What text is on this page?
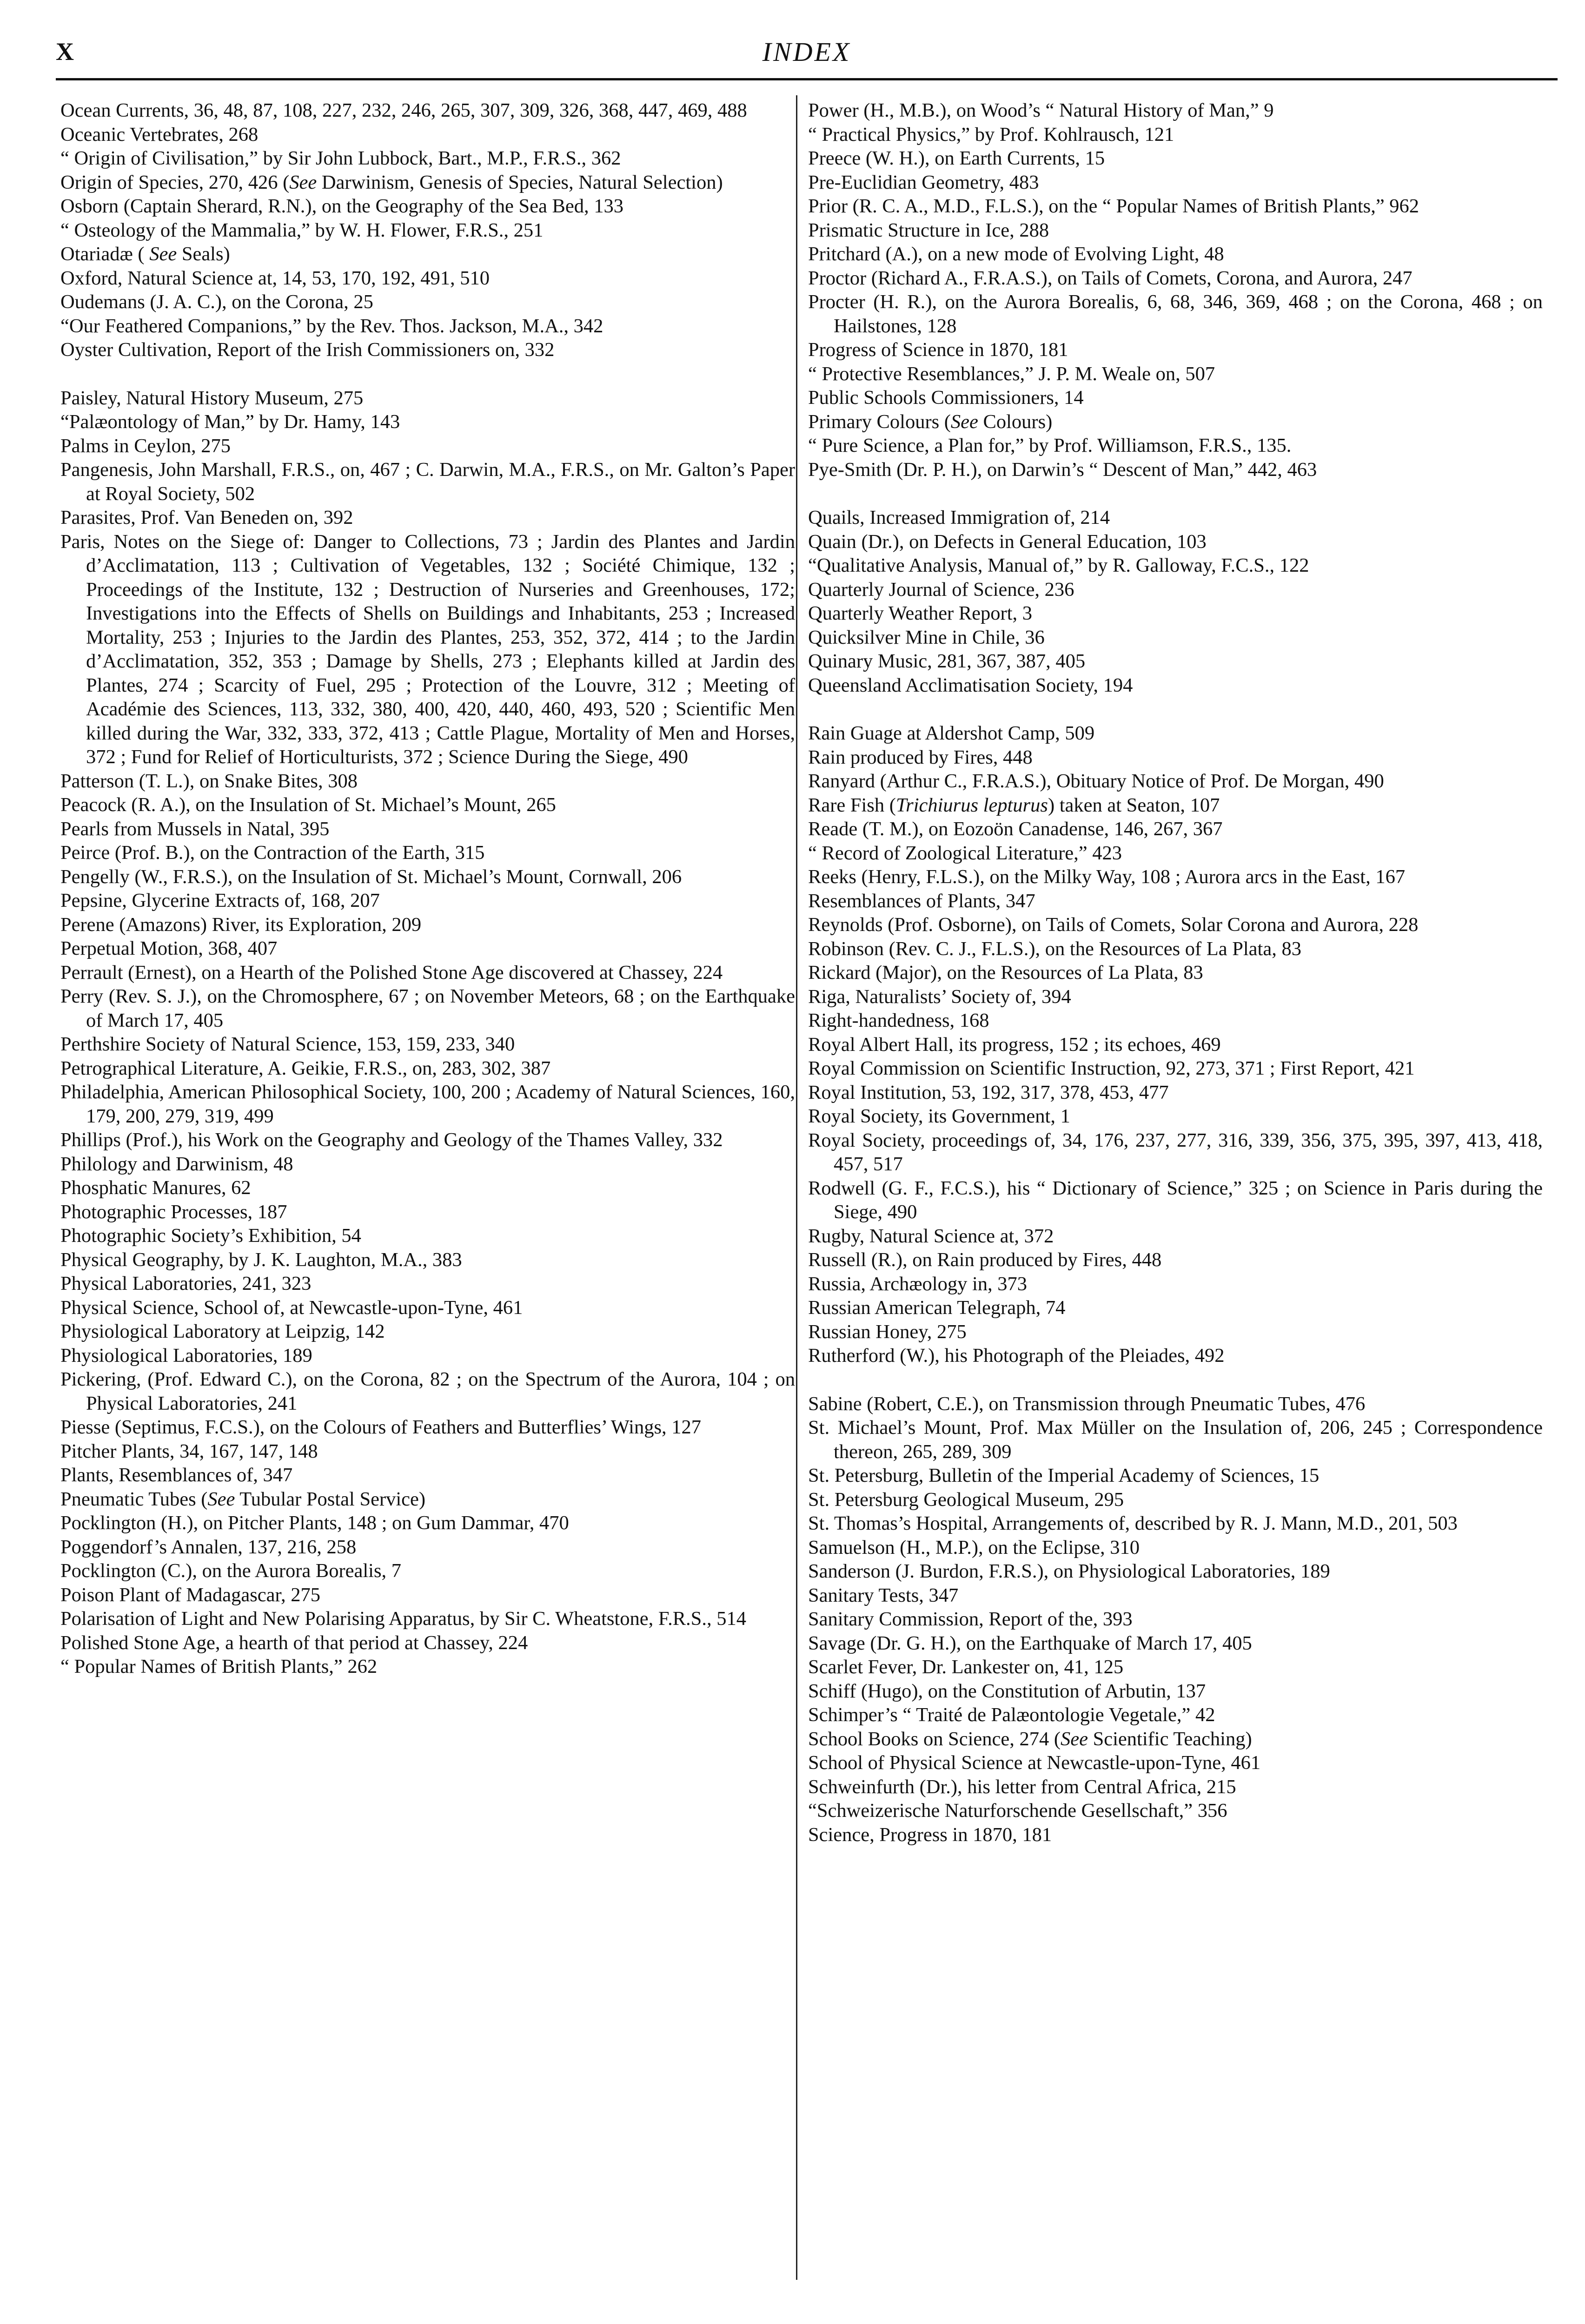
X	INDEX

Ocean Currents, 36, 48, 87, 108, 227, 232, 246, 265, 307, 309, 326, 368, 447, 469, 488

Oceanic Vertebrates, 268

“ Origin of Civilisation,” by Sir John Lubbock, Bart., M.P., F.R.S., 362

Origin of Species, 270, 426 (See Darwinism, Genesis of Species, Natural Selection)

Osborn (Captain Sherard, R.N.), on the Geography of the Sea Bed, 133

“ Osteology of the Mammalia,” by W. H. Flower, F.R.S., 251

Otariadæ ( See Seals)

Oxford, Natural Science at, 14, 53, 170, 192, 491, 510

Oudemans (J. A. C.), on the Corona, 25

“Our Feathered Companions,” by the Rev. Thos. Jackson, M.A., 342

Oyster Cultivation, Report of the Irish Commissioners on, 332

Paisley, Natural History Museum, 275

“Palæontology of Man,” by Dr. Hamy, 143

Palms in Ceylon, 275

Pangenesis, John Marshall, F.R.S., on, 467 ; C. Darwin, M.A., F.R.S., on Mr. Galton’s Paper at Royal Society, 502

Parasites, Prof. Van Beneden on, 392

Paris, Notes on the Siege of: Danger to Collections, 73 ; Jardin des Plantes and Jardin d’Acclimatation, 113 ; Cultivation of Vegetables, 132 ; Société Chimique, 132 ; Proceedings of the Institute, 132 ; Destruction of Nurseries and Greenhouses, 172; Investigations into the Effects of Shells on Buildings and Inhabitants, 253 ; Increased Mortality, 253 ; Injuries to the Jardin des Plantes, 253, 352, 372, 414 ; to the Jardin d’Acclimatation, 352, 353 ; Damage by Shells, 273 ; Elephants killed at Jardin des Plantes, 274 ; Scarcity of Fuel, 295 ; Protection of the Louvre, 312 ; Meeting of Académie des Sciences, 113, 332, 380, 400, 420, 440, 460, 493, 520 ; Scientific Men killed during the War, 332, 333, 372, 413 ; Cattle Plague, Mortality of Men and Horses, 372 ; Fund for Relief of Horticulturists, 372 ; Science During the Siege, 490

Patterson (T. L.), on Snake Bites, 308

Peacock (R. A.), on the Insulation of St. Michael’s Mount, 265

Pearls from Mussels in Natal, 395

Peirce (Prof. B.), on the Contraction of the Earth, 315

Pengelly (W., F.R.S.), on the Insulation of St. Michael’s Mount, Cornwall, 206

Pepsine, Glycerine Extracts of, 168, 207

Perene (Amazons) River, its Exploration, 209

Perpetual Motion, 368, 407

Perrault (Ernest), on a Hearth of the Polished Stone Age discovered at Chassey, 224

Perry (Rev. S. J.), on the Chromosphere, 67 ; on November Meteors, 68 ; on the Earthquake of March 17, 405

Perthshire Society of Natural Science, 153, 159, 233, 340

Petrographical Literature, A. Geikie, F.R.S., on, 283, 302, 387

Philadelphia, American Philosophical Society, 100, 200 ; Academy of Natural Sciences, 160, 179, 200, 279, 319, 499

Phillips (Prof.), his Work on the Geography and Geology of the Thames Valley, 332

Philology and Darwinism, 48

Phosphatic Manures, 62

Photographic Processes, 187

Photographic Society’s Exhibition, 54

Physical Geography, by J. K. Laughton, M.A., 383

Physical Laboratories, 241, 323

Physical Science, School of, at Newcastle-upon-Tyne, 461

Physiological Laboratory at Leipzig, 142

Physiological Laboratories, 189

Pickering, (Prof. Edward C.), on the Corona, 82 ; on the Spectrum of the Aurora, 104 ; on Physical Laboratories, 241

Piesse (Septimus, F.C.S.), on the Colours of Feathers and Butterflies’ Wings, 127

Pitcher Plants, 34, 167, 147, 148

Plants, Resemblances of, 347

Pneumatic Tubes (See Tubular Postal Service)

Pocklington (H.), on Pitcher Plants, 148 ; on Gum Dammar, 470

Poggendorf’s Annalen, 137, 216, 258

Pocklington (C.), on the Aurora Borealis, 7

Poison Plant of Madagascar, 275

Polarisation of Light and New Polarising Apparatus, by Sir C. Wheatstone, F.R.S., 514

Polished Stone Age, a hearth of that period at Chassey, 224

“ Popular Names of British Plants,” 262

Power (H., M.B.), on Wood’s “ Natural History of Man,” 9

“ Practical Physics,” by Prof. Kohlrausch, 121

Preece (W. H.), on Earth Currents, 15

Pre-Euclidian Geometry, 483

Prior (R. C. A., M.D., F.L.S.), on the “ Popular Names of British Plants,” 962

Prismatic Structure in Ice, 288

Pritchard (A.), on a new mode of Evolving Light, 48

Proctor (Richard A., F.R.A.S.), on Tails of Comets, Corona, and Aurora, 247

Procter (H. R.), on the Aurora Borealis, 6, 68, 346, 369, 468 ; on the Corona, 468 ; on Hailstones, 128

Progress of Science in 1870, 181

“ Protective Resemblances,” J. P. M. Weale on, 507

Public Schools Commissioners, 14

Primary Colours (See Colours)

“ Pure Science, a Plan for,” by Prof. Williamson, F.R.S., 135.

Pye-Smith (Dr. P. H.), on Darwin’s “ Descent of Man,” 442, 463

Quails, Increased Immigration of, 214

Quain (Dr.), on Defects in General Education, 103

“Qualitative Analysis, Manual of,” by R. Galloway, F.C.S., 122

Quarterly Journal of Science, 236

Quarterly Weather Report, 3

Quicksilver Mine in Chile, 36

Quinary Music, 281, 367, 387, 405

Queensland Acclimatisation Society, 194

Rain Guage at Aldershot Camp, 509

Rain produced by Fires, 448

Ranyard (Arthur C., F.R.A.S.), Obituary Notice of Prof. De Morgan, 490

Rare Fish (Trichiurus lepturus) taken at Seaton, 107

Reade (T. M.), on Eozoön Canadense, 146, 267, 367

“ Record of Zoological Literature,” 423

Reeks (Henry, F.L.S.), on the Milky Way, 108 ; Aurora arcs in the East, 167

Resemblances of Plants, 347

Reynolds (Prof. Osborne), on Tails of Comets, Solar Corona and Aurora, 228

Robinson (Rev. C. J., F.L.S.), on the Resources of La Plata, 83

Rickard (Major), on the Resources of La Plata, 83

Riga, Naturalists’ Society of, 394

Right-handedness, 168

Royal Albert Hall, its progress, 152 ; its echoes, 469

Royal Commission on Scientific Instruction, 92, 273, 371 ; First Report, 421

Royal Institution, 53, 192, 317, 378, 453, 477

Royal Society, its Government, 1

Royal Society, proceedings of, 34, 176, 237, 277, 316, 339, 356, 375, 395, 397, 413, 418, 457, 517

Rodwell (G. F., F.C.S.), his “ Dictionary of Science,” 325 ; on Science in Paris during the Siege, 490

Rugby, Natural Science at, 372

Russell (R.), on Rain produced by Fires, 448

Russia, Archæology in, 373

Russian American Telegraph, 74

Russian Honey, 275

Rutherford (W.), his Photograph of the Pleiades, 492

Sabine (Robert, C.E.), on Transmission through Pneumatic Tubes, 476

St. Michael’s Mount, Prof. Max Müller on the Insulation of, 206, 245 ; Correspondence thereon, 265, 289, 309

St. Petersburg, Bulletin of the Imperial Academy of Sciences, 15

St. Petersburg Geological Museum, 295

St. Thomas’s Hospital, Arrangements of, described by R. J. Mann, M.D., 201, 503

Samuelson (H., M.P.), on the Eclipse, 310

Sanderson (J. Burdon, F.R.S.), on Physiological Laboratories, 189

Sanitary Tests, 347

Sanitary Commission, Report of the, 393

Savage (Dr. G. H.), on the Earthquake of March 17, 405

Scarlet Fever, Dr. Lankester on, 41, 125

Schiff (Hugo), on the Constitution of Arbutin, 137

Schimper’s “ Traité de Palæontologie Vegetale,” 42

School Books on Science, 274 (See Scientific Teaching)

School of Physical Science at Newcastle-upon-Tyne, 461

Schweinfurth (Dr.), his letter from Central Africa, 215

“Schweizerische Naturforschende Gesellschaft,” 356

Science, Progress in 1870, 181
